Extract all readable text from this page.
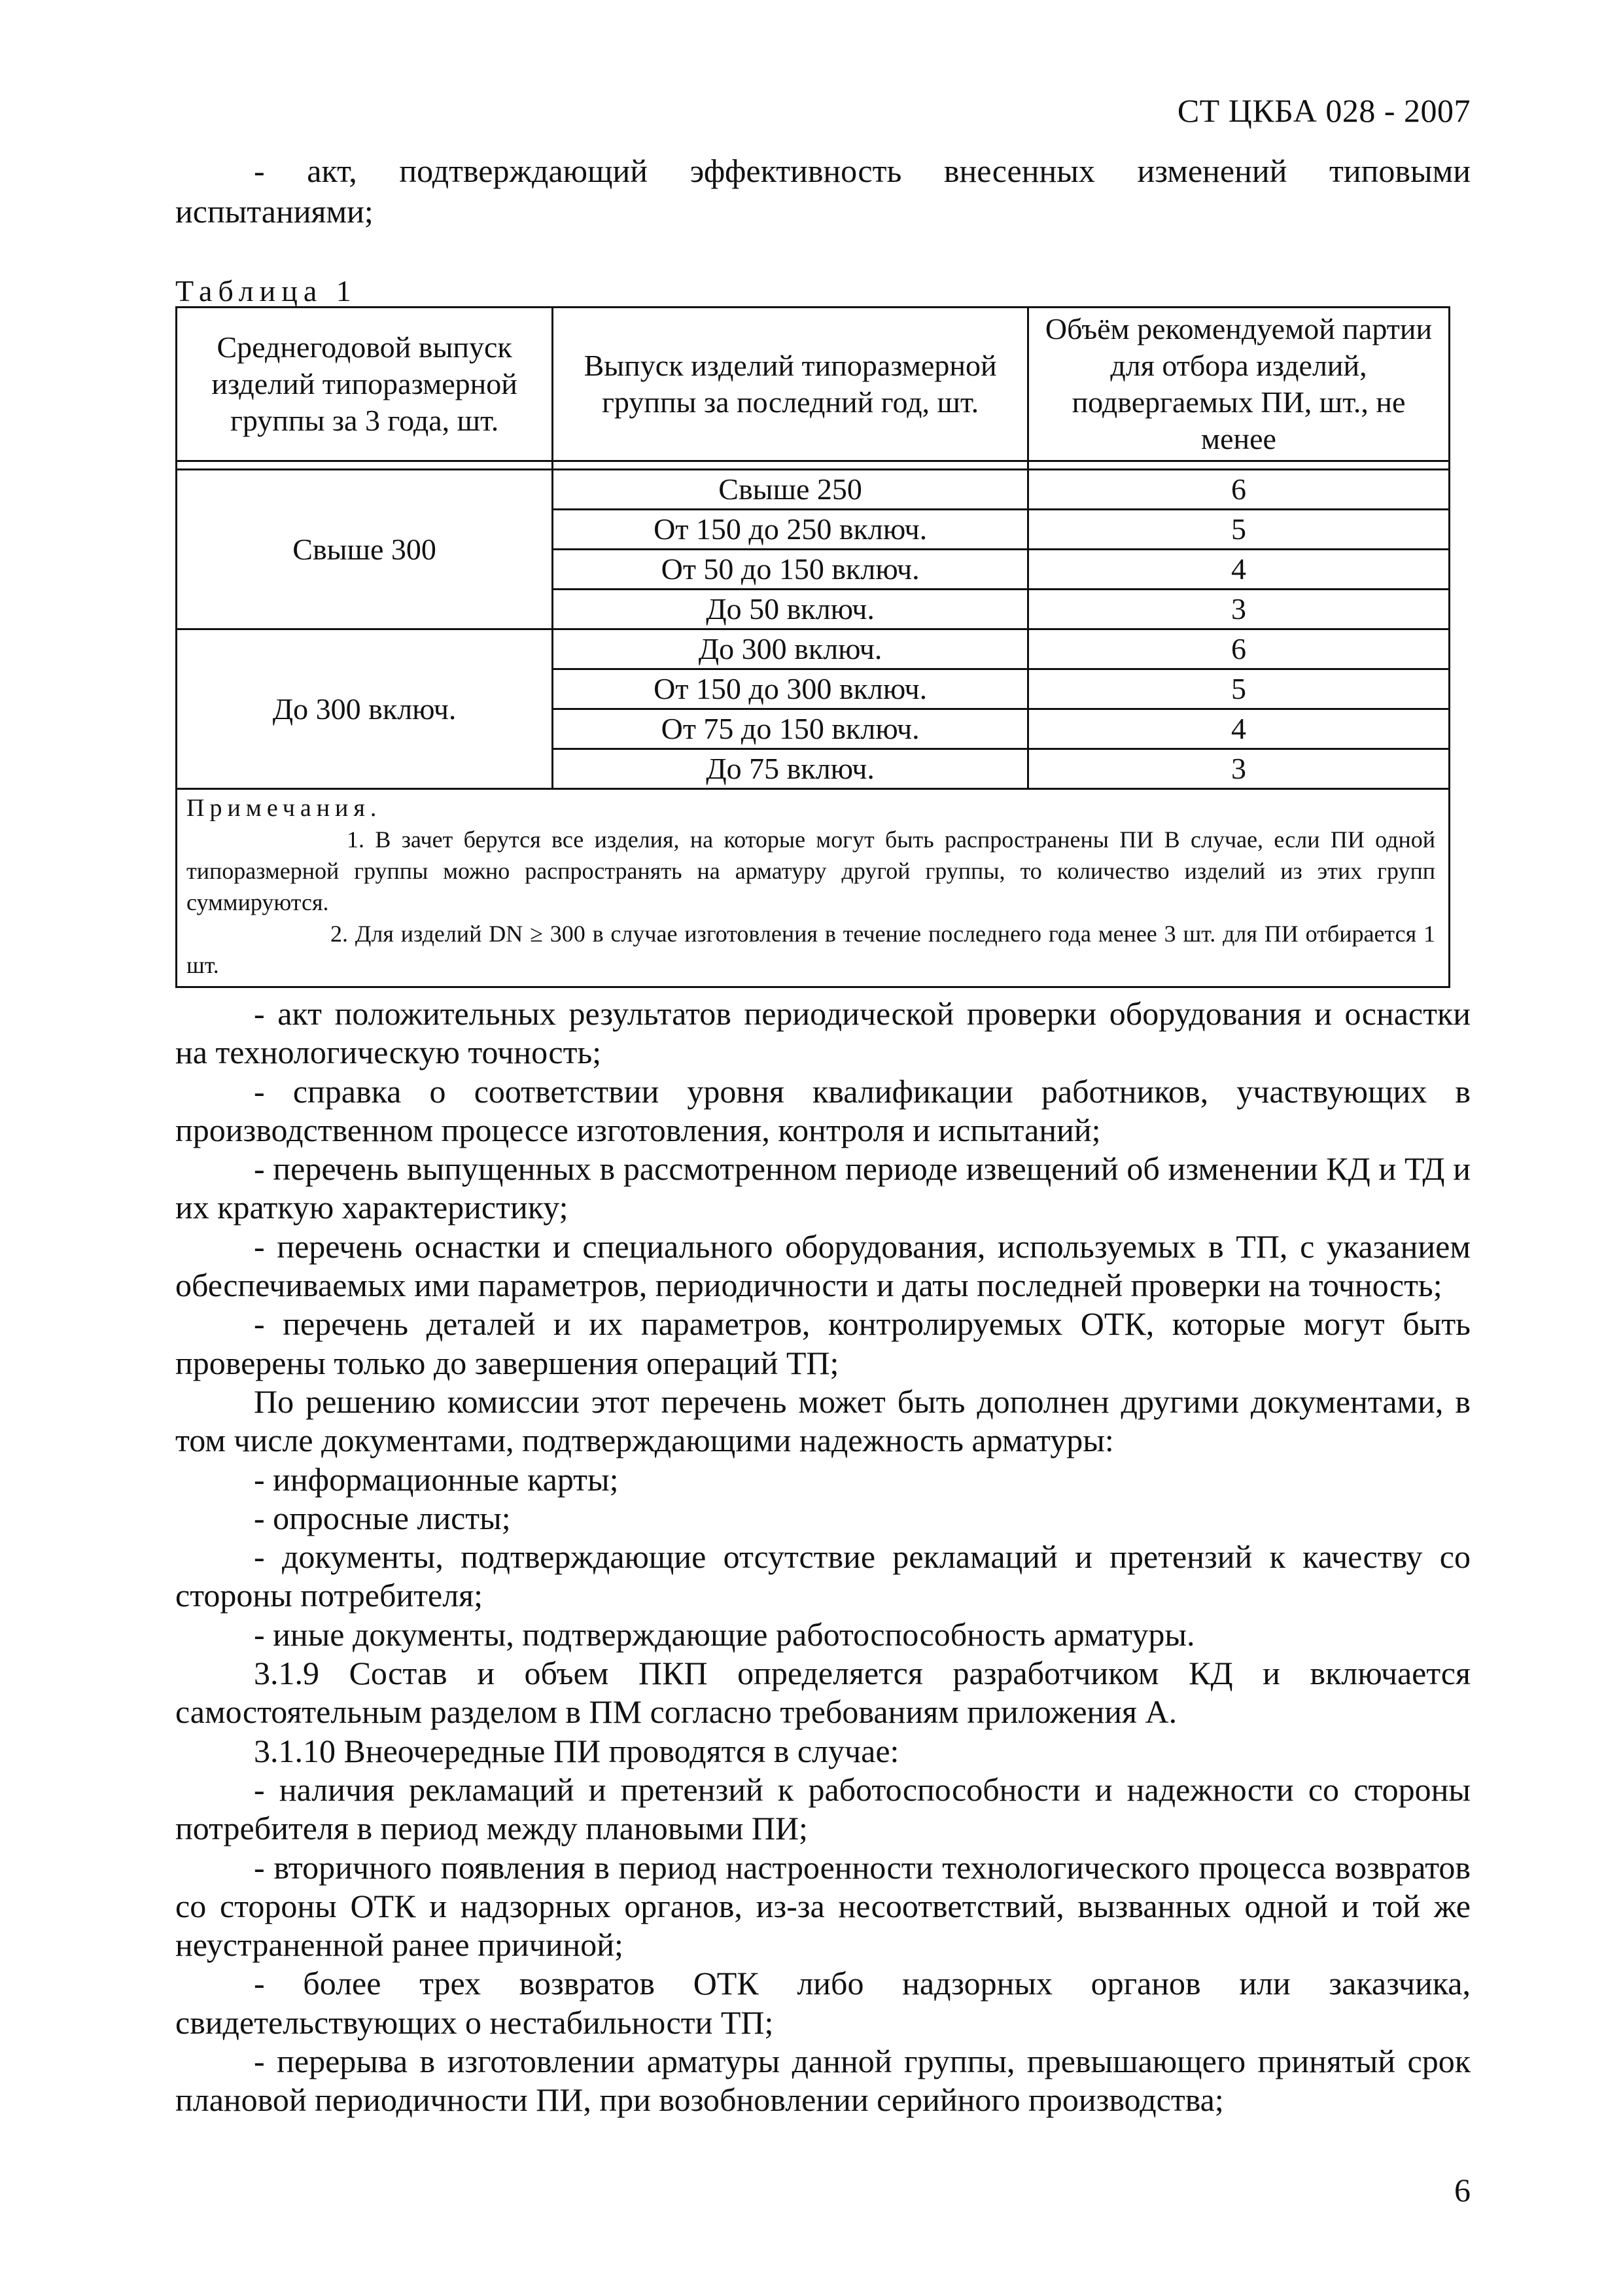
СТ ЦКБА 028 - 2007
- акт, подтверждающий эффективность внесенных изменений типовыми испытаниями;
Таблица 1
Среднегодовой выпуск изделий типоразмерной группы за 3 года, шт.	Выпуск изделий типоразмерной группы за последний год, шт.	Объём рекомендуемой партии для отбора изделий, подвергаемых ПИ, шт., не менее

Свыше 300	Свыше 250	6
	От 150 до 250 включ.	5
	От 50 до 150 включ.	4
	До 50 включ.	3
До 300 включ.	До 300 включ.	6
	От 150 до 300 включ.	5
	От 75 до 150 включ.	4
	До 75 включ.	3

Примечания.

1. В зачет берутся все изделия, на которые могут быть распространены ПИ В случае, если ПИ одной типоразмерной группы можно распространять на арматуру другой группы, то количество изделий из этих групп суммируются.

2. Для изделий DN ≥ 300 в случае изготовления в течение последнего года менее 3 шт. для ПИ отбирается 1 шт.		

- акт положительных результатов периодической проверки оборудования и оснастки на технологическую точность;

- справка о соответствии уровня квалификации работников, участвующих в производственном процессе изготовления, контроля и испытаний;

- перечень выпущенных в рассмотренном периоде извещений об изменении КД и ТД и их краткую характеристику;

- перечень оснастки и специального оборудования, используемых в ТП, с указанием обеспечиваемых ими параметров, периодичности и даты последней проверки на точность;

- перечень деталей и их параметров, контролируемых ОТК, которые могут быть проверены только до завершения операций ТП;

По решению комиссии этот перечень может быть дополнен другими документами, в том числе документами, подтверждающими надежность арматуры:

- информационные карты;

- опросные листы;

- документы, подтверждающие отсутствие рекламаций и претензий к качеству со стороны потребителя;

- иные документы, подтверждающие работоспособность арматуры.

3.1.9 Состав и объем ПКП определяется разработчиком КД и включается самостоятельным разделом в ПМ согласно требованиям приложения А.

3.1.10 Внеочередные ПИ проводятся в случае:

- наличия рекламаций и претензий к работоспособности и надежности со стороны потребителя в период между плановыми ПИ;

- вторичного появления в период настроенности технологического процесса возвратов со стороны ОТК и надзорных органов, из-за несоответствий, вызванных одной и той же неустраненной ранее причиной;

- более трех возвратов ОТК либо надзорных органов или заказчика, свидетельствующих о нестабильности ТП;

- перерыва в изготовлении арматуры данной группы, превышающего принятый срок плановой периодичности ПИ, при возобновлении серийного производства;

6
